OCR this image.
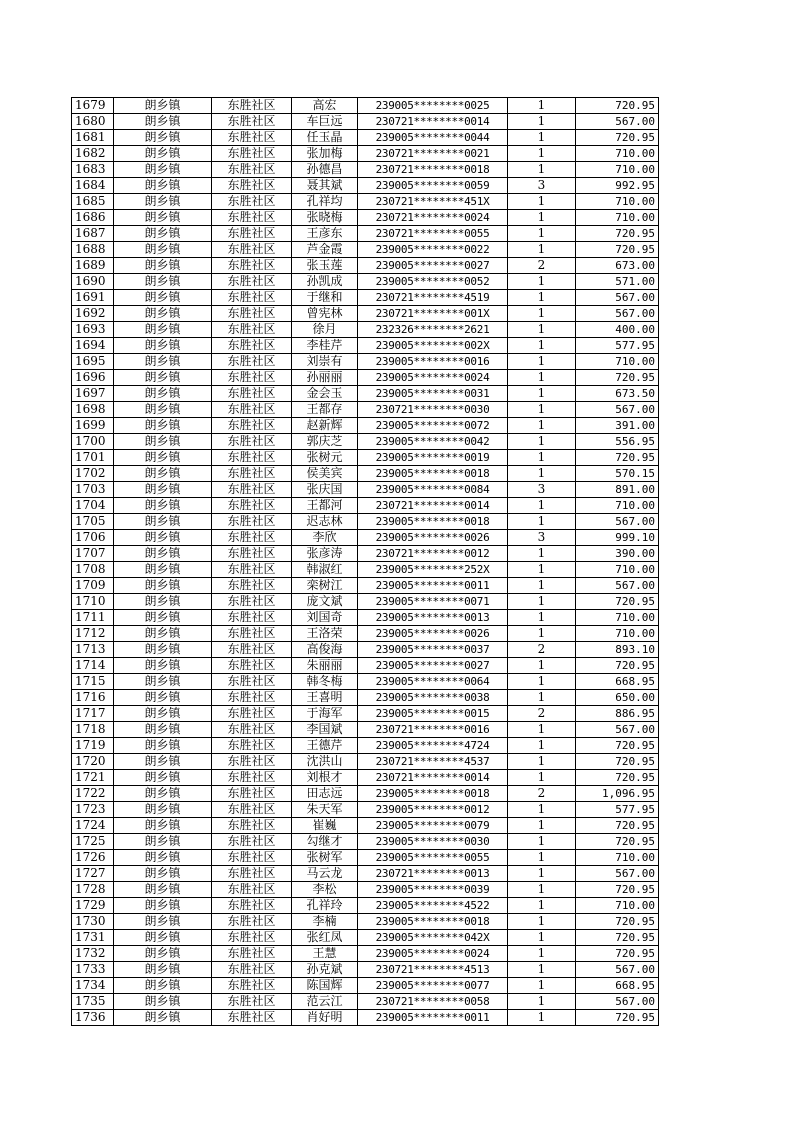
1679	朗乡镇	东胜社区	高宏	239005********0025	1	720.95
1680	朗乡镇	东胜社区	车巨远	230721********0014	1	567.00
1681	朗乡镇	东胜社区	任玉晶	239005********0044	1	720.95
1682	朗乡镇	东胜社区	张加梅	230721********0021	1	710.00
1683	朗乡镇	东胜社区	孙德昌	230721********0018	1	710.00
1684	朗乡镇	东胜社区	聂其斌	239005********0059	3	992.95
1685	朗乡镇	东胜社区	孔祥均	230721********451X	1	710.00
1686	朗乡镇	东胜社区	张晓梅	230721********0024	1	710.00
1687	朗乡镇	东胜社区	王彦东	230721********0055	1	720.95
1688	朗乡镇	东胜社区	芦金霞	239005********0022	1	720.95
1689	朗乡镇	东胜社区	张玉莲	239005********0027	2	673.00
1690	朗乡镇	东胜社区	孙凯成	239005********0052	1	571.00
1691	朗乡镇	东胜社区	于继和	230721********4519	1	567.00
1692	朗乡镇	东胜社区	曾宪林	230721********001X	1	567.00
1693	朗乡镇	东胜社区	徐月	232326********2621	1	400.00
1694	朗乡镇	东胜社区	李桂芹	239005********002X	1	577.95
1695	朗乡镇	东胜社区	刘崇有	239005********0016	1	710.00
1696	朗乡镇	东胜社区	孙丽丽	239005********0024	1	720.95
1697	朗乡镇	东胜社区	金会玉	239005********0031	1	673.50
1698	朗乡镇	东胜社区	王都存	230721********0030	1	567.00
1699	朗乡镇	东胜社区	赵新辉	239005********0072	1	391.00
1700	朗乡镇	东胜社区	郭庆芝	239005********0042	1	556.95
1701	朗乡镇	东胜社区	张树元	239005********0019	1	720.95
1702	朗乡镇	东胜社区	侯美宾	239005********0018	1	570.15
1703	朗乡镇	东胜社区	张庆国	239005********0084	3	891.00
1704	朗乡镇	东胜社区	王都河	230721********0014	1	710.00
1705	朗乡镇	东胜社区	迟志林	239005********0018	1	567.00
1706	朗乡镇	东胜社区	李欣	239005********0026	3	999.10
1707	朗乡镇	东胜社区	张彦涛	230721********0012	1	390.00
1708	朗乡镇	东胜社区	韩淑红	239005********252X	1	710.00
1709	朗乡镇	东胜社区	栾树江	239005********0011	1	567.00
1710	朗乡镇	东胜社区	庞文斌	239005********0071	1	720.95
1711	朗乡镇	东胜社区	刘国奇	239005********0013	1	710.00
1712	朗乡镇	东胜社区	王洛荣	239005********0026	1	710.00
1713	朗乡镇	东胜社区	高俊海	239005********0037	2	893.10
1714	朗乡镇	东胜社区	朱丽丽	239005********0027	1	720.95
1715	朗乡镇	东胜社区	韩冬梅	239005********0064	1	668.95
1716	朗乡镇	东胜社区	王喜明	239005********0038	1	650.00
1717	朗乡镇	东胜社区	于海军	239005********0015	2	886.95
1718	朗乡镇	东胜社区	李国斌	230721********0016	1	567.00
1719	朗乡镇	东胜社区	王德芹	239005********4724	1	720.95
1720	朗乡镇	东胜社区	沈洪山	230721********4537	1	720.95
1721	朗乡镇	东胜社区	刘根才	230721********0014	1	720.95
1722	朗乡镇	东胜社区	田志远	239005********0018	2	1,096.95
1723	朗乡镇	东胜社区	朱天军	239005********0012	1	577.95
1724	朗乡镇	东胜社区	崔巍	239005********0079	1	720.95
1725	朗乡镇	东胜社区	勾继才	239005********0030	1	720.95
1726	朗乡镇	东胜社区	张树军	239005********0055	1	710.00
1727	朗乡镇	东胜社区	马云龙	230721********0013	1	567.00
1728	朗乡镇	东胜社区	李松	239005********0039	1	720.95
1729	朗乡镇	东胜社区	孔祥玲	239005********4522	1	710.00
1730	朗乡镇	东胜社区	李楠	239005********0018	1	720.95
1731	朗乡镇	东胜社区	张红凤	239005********042X	1	720.95
1732	朗乡镇	东胜社区	王慧	239005********0024	1	720.95
1733	朗乡镇	东胜社区	孙克斌	230721********4513	1	567.00
1734	朗乡镇	东胜社区	陈国辉	239005********0077	1	668.95
1735	朗乡镇	东胜社区	范云江	230721********0058	1	567.00
1736	朗乡镇	东胜社区	肖好明	239005********0011	1	720.95
